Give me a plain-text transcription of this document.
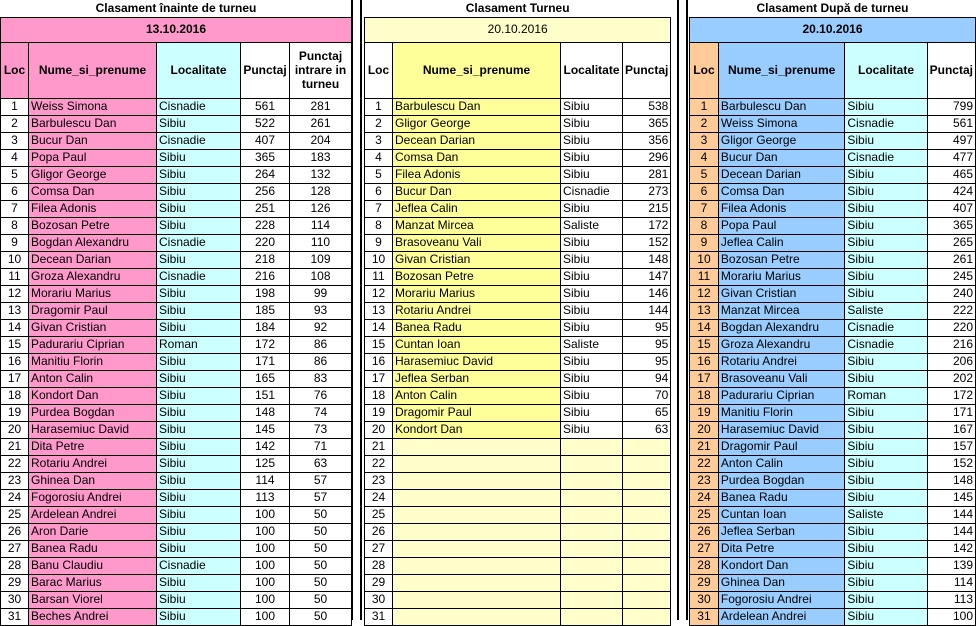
Clasament înainte de turneu				
13.10.2016				
Loc	Nume_si_prenume	Localitate	Punctaj	Punctaj intrare in turneu
1	Weiss Simona	Cisnadie	561	281
2	Barbulescu Dan	Sibiu	522	261
3	Bucur Dan	Cisnadie	407	204
4	Popa Paul	Sibiu	365	183
5	Gligor George	Sibiu	264	132
6	Comsa Dan	Sibiu	256	128
7	Filea Adonis	Sibiu	251	126
8	Bozosan Petre	Sibiu	228	114
9	Bogdan Alexandru	Cisnadie	220	110
10	Decean Darian	Sibiu	218	109
11	Groza Alexandru	Cisnadie	216	108
12	Morariu Marius	Sibiu	198	99
13	Dragomir Paul	Sibiu	185	93
14	Givan Cristian	Sibiu	184	92
15	Padurariu Ciprian	Roman	172	86
16	Manitiu Florin	Sibiu	171	86
17	Anton Calin	Sibiu	165	83
18	Kondort Dan	Sibiu	151	76
19	Purdea Bogdan	Sibiu	148	74
20	Harasemiuc David	Sibiu	145	73
21	Dita Petre	Sibiu	142	71
22	Rotariu Andrei	Sibiu	125	63
23	Ghinea Dan	Sibiu	114	57
24	Fogorosiu Andrei	Sibiu	113	57
25	Ardelean Andrei	Sibiu	100	50
26	Aron Darie	Sibiu	100	50
27	Banea Radu	Sibiu	100	50
28	Banu Claudiu	Cisnadie	100	50
29	Barac Marius	Sibiu	100	50
30	Barsan Viorel	Sibiu	100	50
31	Beches Andrei	Sibiu	100	50
Clasament Turneu			
20.10.2016			
Loc	Nume_si_prenume	Localitate	Punctaj
1	Barbulescu Dan	Sibiu	538
2	Gligor George	Sibiu	365
3	Decean Darian	Sibiu	356
4	Comsa Dan	Sibiu	296
5	Filea Adonis	Sibiu	281
6	Bucur Dan	Cisnadie	273
7	Jeflea Calin	Sibiu	215
8	Manzat Mircea	Saliste	172
9	Brasoveanu Vali	Sibiu	152
10	Givan Cristian	Sibiu	148
11	Bozosan Petre	Sibiu	147
12	Morariu Marius	Sibiu	146
13	Rotariu Andrei	Sibiu	144
14	Banea Radu	Sibiu	95
15	Cuntan Ioan	Saliste	95
16	Harasemiuc David	Sibiu	95
17	Jeflea Serban	Sibiu	94
18	Anton Calin	Sibiu	70
19	Dragomir Paul	Sibiu	65
20	Kondort Dan	Sibiu	63
21			
22			
23			
24			
25			
26			
27			
28			
29			
30			
31			
Clasament După de turneu			
20.10.2016			
Loc	Nume_si_prenume	Localitate	Punctaj
1	Barbulescu Dan	Sibiu	799
2	Weiss Simona	Cisnadie	561
3	Gligor George	Sibiu	497
4	Bucur Dan	Cisnadie	477
5	Decean Darian	Sibiu	465
6	Comsa Dan	Sibiu	424
7	Filea Adonis	Sibiu	407
8	Popa Paul	Sibiu	365
9	Jeflea Calin	Sibiu	265
10	Bozosan Petre	Sibiu	261
11	Morariu Marius	Sibiu	245
12	Givan Cristian	Sibiu	240
13	Manzat Mircea	Saliste	222
14	Bogdan Alexandru	Cisnadie	220
15	Groza Alexandru	Cisnadie	216
16	Rotariu Andrei	Sibiu	206
17	Brasoveanu Vali	Sibiu	202
18	Padurariu Ciprian	Roman	172
19	Manitiu Florin	Sibiu	171
20	Harasemiuc David	Sibiu	167
21	Dragomir Paul	Sibiu	157
22	Anton Calin	Sibiu	152
23	Purdea Bogdan	Sibiu	148
24	Banea Radu	Sibiu	145
25	Cuntan Ioan	Saliste	144
26	Jeflea Serban	Sibiu	144
27	Dita Petre	Sibiu	142
28	Kondort Dan	Sibiu	139
29	Ghinea Dan	Sibiu	114
30	Fogorosiu Andrei	Sibiu	113
31	Ardelean Andrei	Sibiu	100
